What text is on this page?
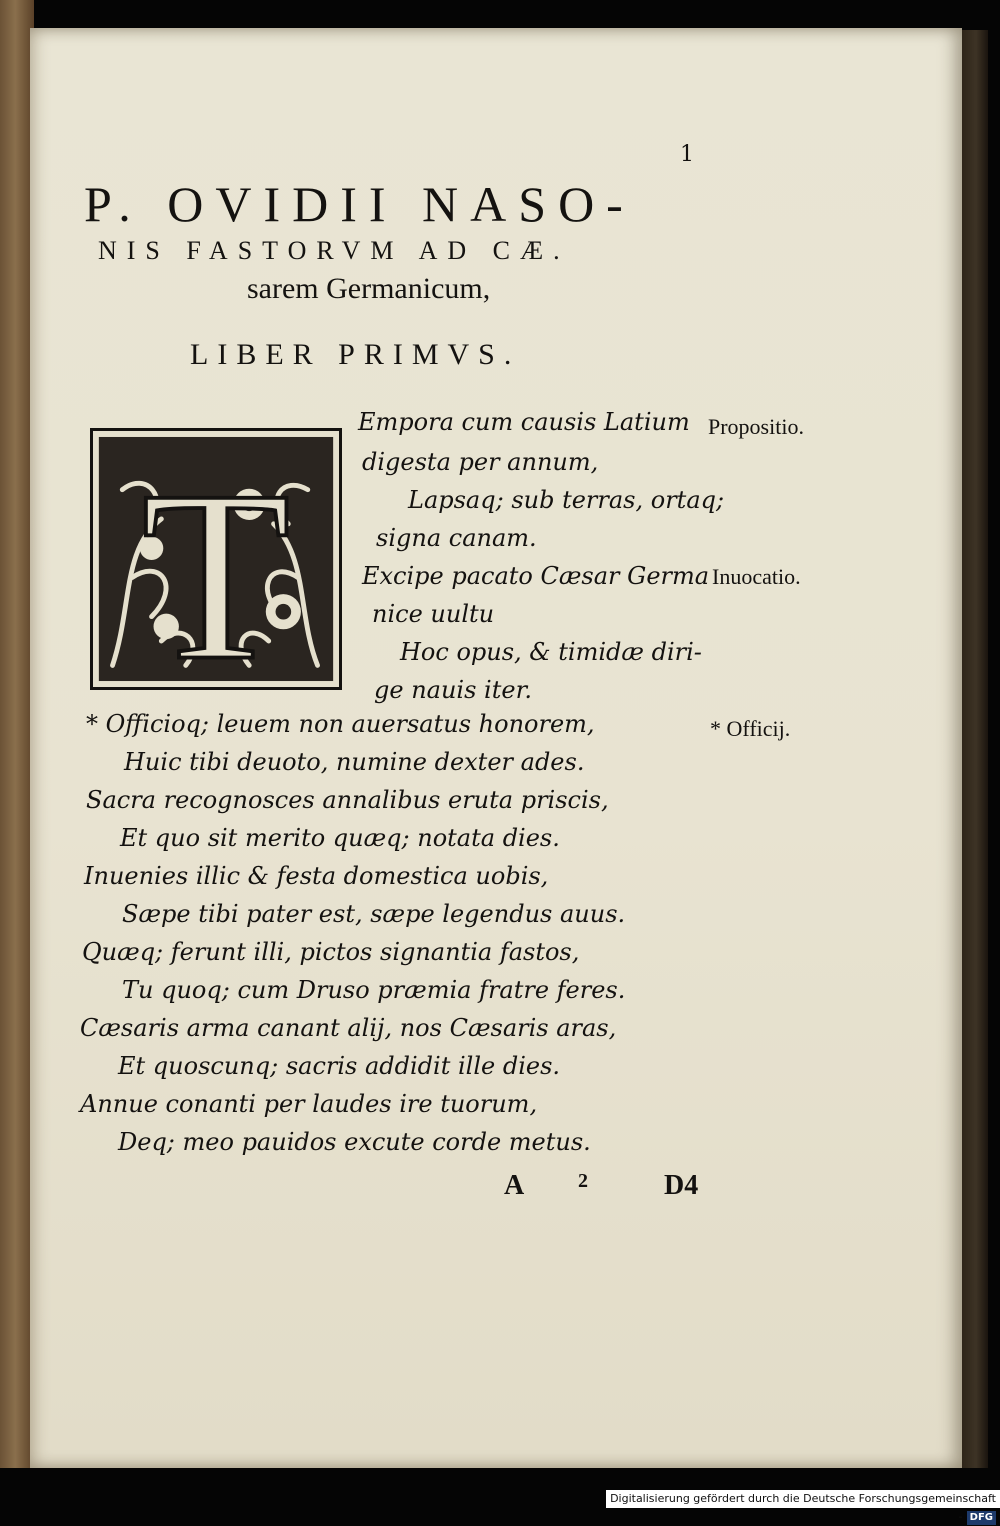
1
P. OVIDII NASO-
NIS FASTORVM AD CÆ.
sarem Germanicum,
LIBER PRIMVS.
T
Empora cum causis Latium
digesta per annum,
Lapsaq; sub terras, ortaq;
signa canam.
Excipe pacato Cæsar Germa
nice uultu
Hoc opus, & timidæ diri-
ge nauis iter.
* Officioq; leuem non auersatus honorem,
Huic tibi deuoto, numine dexter ades.
Sacra recognosces annalibus eruta priscis,
Et quo sit merito quæq; notata dies.
Inuenies illic & festa domestica uobis,
Sæpe tibi pater est, sæpe legendus auus.
Quæq; ferunt illi, pictos signantia fastos,
Tu quoq; cum Druso præmia fratre feres.
Cæsaris arma canant alij, nos Cæsaris aras,
Et quoscunq; sacris addidit ille dies.
Annue conanti per laudes ire tuorum,
Deq; meo pauidos excute corde metus.
Propositio.
Inuocatio.
* Officij.
A	2	D4
Digitalisierung gefördert durch die Deutsche Forschungsgemeinschaft - DFG
